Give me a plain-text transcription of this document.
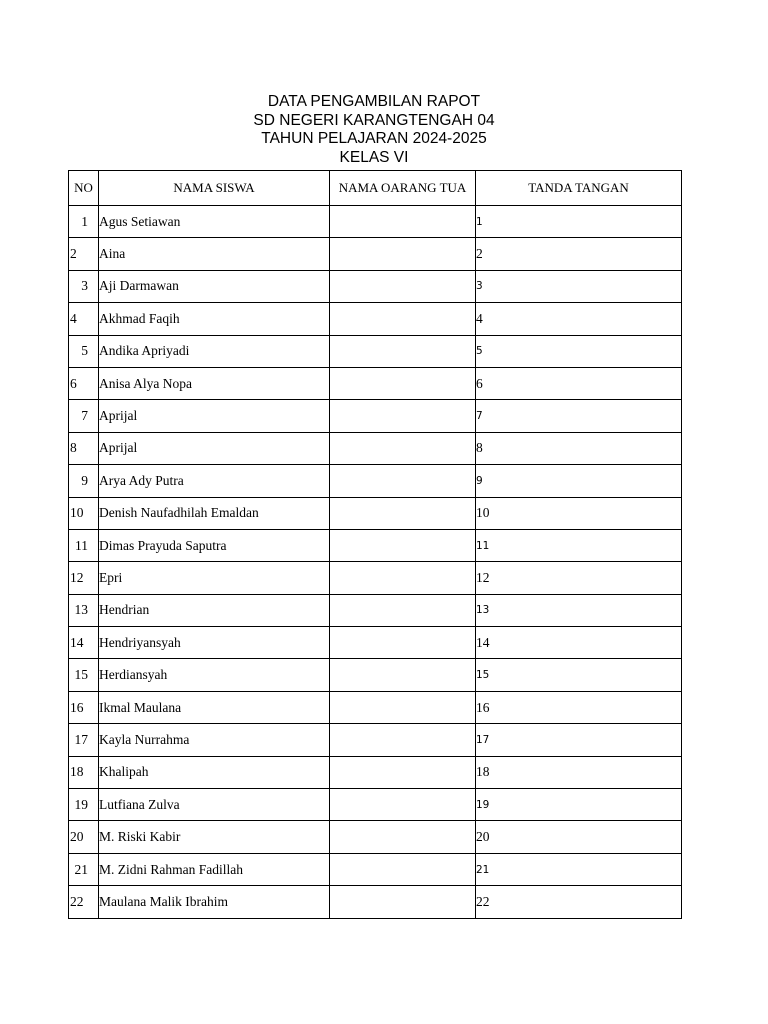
DATA PENGAMBILAN RAPOT
SD NEGERI KARANGTENGAH 04
TAHUN PELAJARAN 2024-2025
KELAS VI
NO	NAMA SISWA	NAMA OARANG TUA	TANDA TANGAN
1	Agus Setiawan		1
2	Aina		2
3	Aji Darmawan		3
4	Akhmad Faqih		4
5	Andika Apriyadi		5
6	Anisa Alya Nopa		6
7	Aprijal		7
8	Aprijal		8
9	Arya Ady Putra		9
10	Denish Naufadhilah Emaldan		10
11	Dimas Prayuda Saputra		11
12	Epri		12
13	Hendrian		13
14	Hendriyansyah		14
15	Herdiansyah		15
16	Ikmal Maulana		16
17	Kayla Nurrahma		17
18	Khalipah		18
19	Lutfiana Zulva		19
20	M. Riski Kabir		20
21	M. Zidni Rahman Fadillah		21
22	Maulana Malik Ibrahim		22
